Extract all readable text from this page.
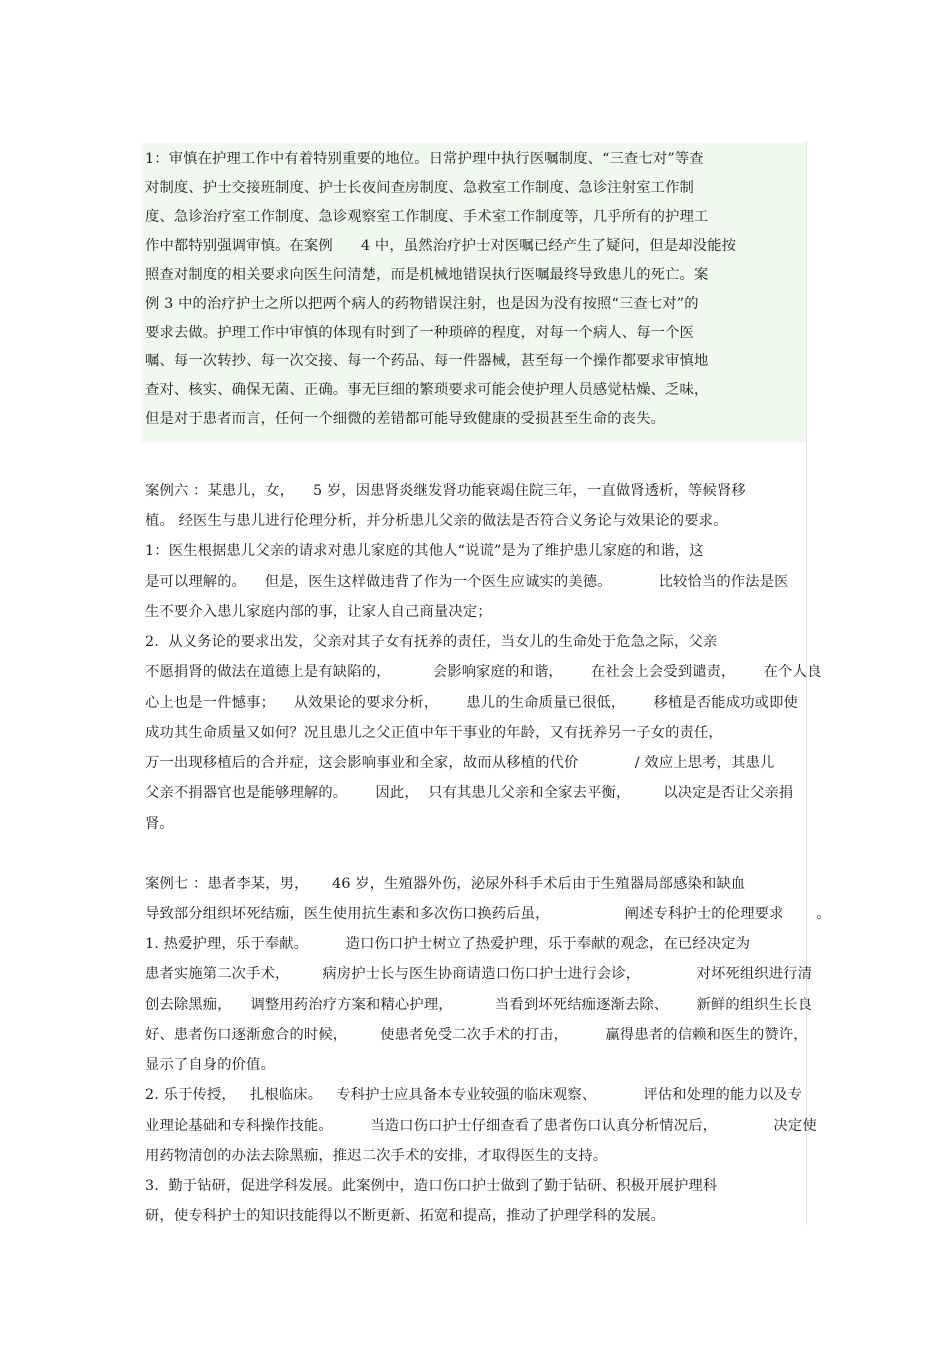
1：审慎在护理工作中有着特别重要的地位。日常护理中执行医嘱制度、“三查七对”等查
对制度、护士交接班制度、护士长夜间查房制度、急救室工作制度、急诊注射室工作制
度、急诊治疗室工作制度、急诊观察室工作制度、手术室工作制度等，几乎所有的护理工
作中都特别强调审慎。在案例      4 中，虽然治疗护士对医嘱已经产生了疑问，但是却没能按
照查对制度的相关要求向医生问清楚，而是机械地错误执行医嘱最终导致患儿的死亡。案
例 3 中的治疗护士之所以把两个病人的药物错误注射，也是因为没有按照“三查七对”的
要求去做。护理工作中审慎的体现有时到了一种琐碎的程度，对每一个病人、每一个医
嘱、每一次转抄、每一次交接、每一个药品、每一件器械，甚至每一个操作都要求审慎地
查对、核实、确保无菌、正确。事无巨细的繁琐要求可能会使护理人员感觉枯燥、乏味，
但是对于患者而言，任何一个细微的差错都可能导致健康的受损甚至生命的丧失。
案例六 ：某患儿，女，    5 岁，因患肾炎继发肾功能衰竭住院三年，一直做肾透析，等候肾移
植。 经医生与患儿进行伦理分析，并分析患儿父亲的做法是否符合义务论与效果论的要求。
1：医生根据患儿父亲的请求对患儿家庭的其他人“说谎”是为了维护患儿家庭的和谐，这
是可以理解的。    但是，医生这样做违背了作为一个医生应诚实的美德。          比较恰当的作法是医
生不要介入患儿家庭内部的事，让家人自己商量决定；
2.  从义务论的要求出发，父亲对其子女有抚养的责任，当女儿的生命处于危急之际，父亲
不愿捐肾的做法在道德上是有缺陷的，         会影响家庭的和谐，      在社会上会受到谴责，      在个人良
心上也是一件憾事；    从效果论的要求分析，      患儿的生命质量已很低，      移植是否能成功或即使
成功其生命质量又如何？况且患儿之父正值中年干事业的年龄，又有抚养另一子女的责任，
万一出现移植后的合并症，这会影响事业和全家，故而从移植的代价            / 效应上思考，其患儿
父亲不捐器官也是能够理解的。      因此，  只有其患儿父亲和全家去平衡，       以决定是否让父亲捐
肾。
案例七 ：患者李某，男，     46 岁，生殖器外伤，泌尿外科手术后由于生殖器局部感染和缺血
导致部分组织坏死结痂，医生使用抗生素和多次伤口换药后虽，                阐述专科护士的伦理要求       。
1. 热爱护理，乐于奉献。        造口伤口护士树立了热爱护理，乐于奉献的观念，在已经决定为
患者实施第二次手术，       病房护士长与医生协商请造口伤口护士进行会诊，            对坏死组织进行清
创去除黑痂，    调整用药治疗方案和精心护理，         当看到坏死结痂逐渐去除、      新鲜的组织生长良
好、患者伤口逐渐愈合的时候，       使患者免受二次手术的打击，        赢得患者的信赖和医生的赞许，
显示了自身的价值。
2. 乐于传授，   扎根临床。   专科护士应具备本专业较强的临床观察、          评估和处理的能力以及专
业理论基础和专科操作技能。        当造口伤口护士仔细查看了患者伤口认真分析情况后，            决定使
用药物清创的办法去除黑痂，推迟二次手术的安排，才取得医生的支持。
3.  勤于钻研，促进学科发展。此案例中，造口伤口护士做到了勤于钻研、积极开展护理科
研，使专科护士的知识技能得以不断更新、拓宽和提高，推动了护理学科的发展。
